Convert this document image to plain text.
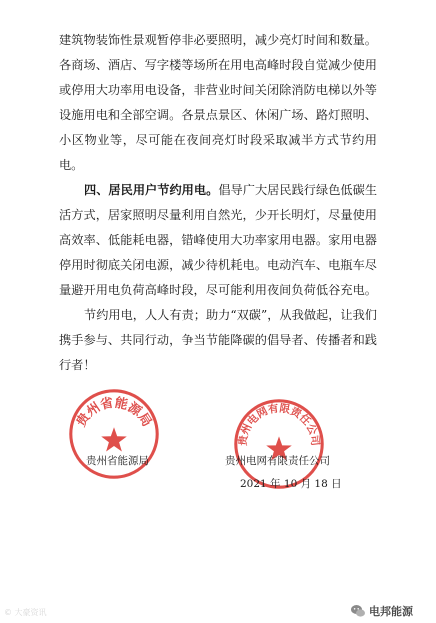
建筑物装饰性景观暂停非必要照明，减少亮灯时间和数量。
各商场、酒店、写字楼等场所在用电高峰时段自觉减少使用
或停用大功率用电设备，非营业时间关闭除消防电梯以外等
设施用电和全部空调。各景点景区、休闲广场、路灯照明、
小区物业等，尽可能在夜间亮灯时段采取减半方式节约用
电。
四、居民用户节约用电。倡导广大居民践行绿色低碳生
活方式，居家照明尽量利用自然光，少开长明灯，尽量使用
高效率、低能耗电器，错峰使用大功率家用电器。家用电器
停用时彻底关闭电源，减少待机耗电。电动汽车、电瓶车尽
量避开用电负荷高峰时段，尽可能利用夜间负荷低谷充电。
节约用电，人人有责；助力“双碳”，从我做起，让我们
携手参与、共同行动，争当节能降碳的倡导者、传播者和践
行者！
贵州省能源局
贵州电网有限责任公司
贵州省能源局	贵州电网有限责任公司
2021 年 10 月 18 日
© 大豪资讯	电邦能源
